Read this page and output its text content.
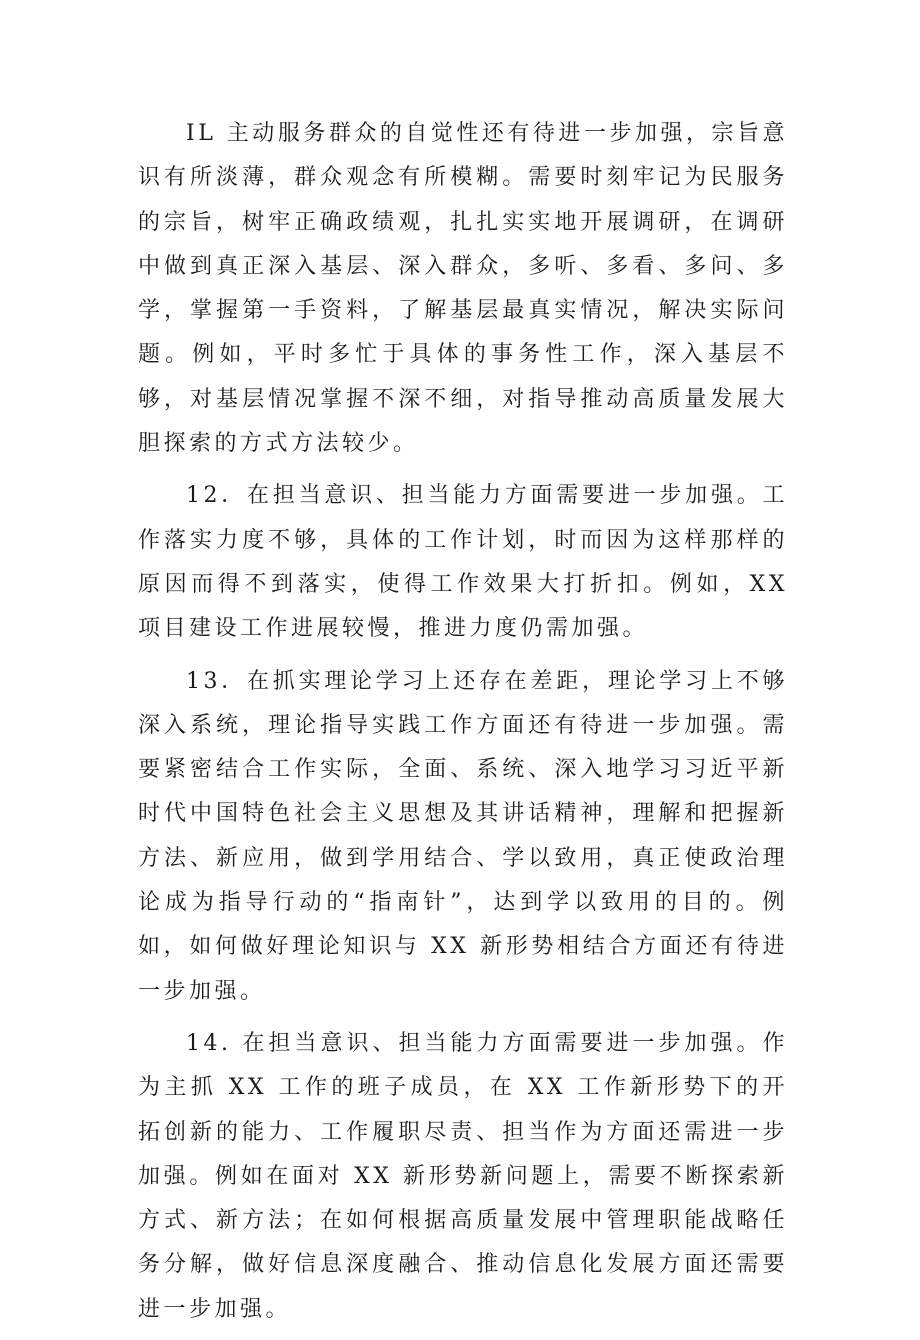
IL 主动服务群众的自觉性还有待进一步加强，宗旨意识有所淡薄，群众观念有所模糊。需要时刻牢记为民服务的宗旨，树牢正确政绩观，扎扎实实地开展调研，在调研中做到真正深入基层、深入群众，多听、多看、多问、多学，掌握第一手资料，了解基层最真实情况，解决实际问题。例如，平时多忙于具体的事务性工作，深入基层不够，对基层情况掌握不深不细，对指导推动高质量发展大胆探索的方式方法较少。

12．在担当意识、担当能力方面需要进一步加强。工作落实力度不够，具体的工作计划，时而因为这样那样的原因而得不到落实，使得工作效果大打折扣。例如，XX 项目建设工作进展较慢，推进力度仍需加强。

13．在抓实理论学习上还存在差距，理论学习上不够深入系统，理论指导实践工作方面还有待进一步加强。需要紧密结合工作实际，全面、系统、深入地学习习近平新时代中国特色社会主义思想及其讲话精神，理解和把握新方法、新应用，做到学用结合、学以致用，真正使政治理论成为指导行动的“指南针”，达到学以致用的目的。例如，如何做好理论知识与 XX 新形势相结合方面还有待进一步加强。

14. 在担当意识、担当能力方面需要进一步加强。作为主抓 XX 工作的班子成员，在 XX 工作新形势下的开拓创新的能力、工作履职尽责、担当作为方面还需进一步加强。例如在面对 XX 新形势新问题上，需要不断探索新方式、新方法；在如何根据高质量发展中管理职能战略任务分解，做好信息深度融合、推动信息化发展方面还需要进一步加强。
